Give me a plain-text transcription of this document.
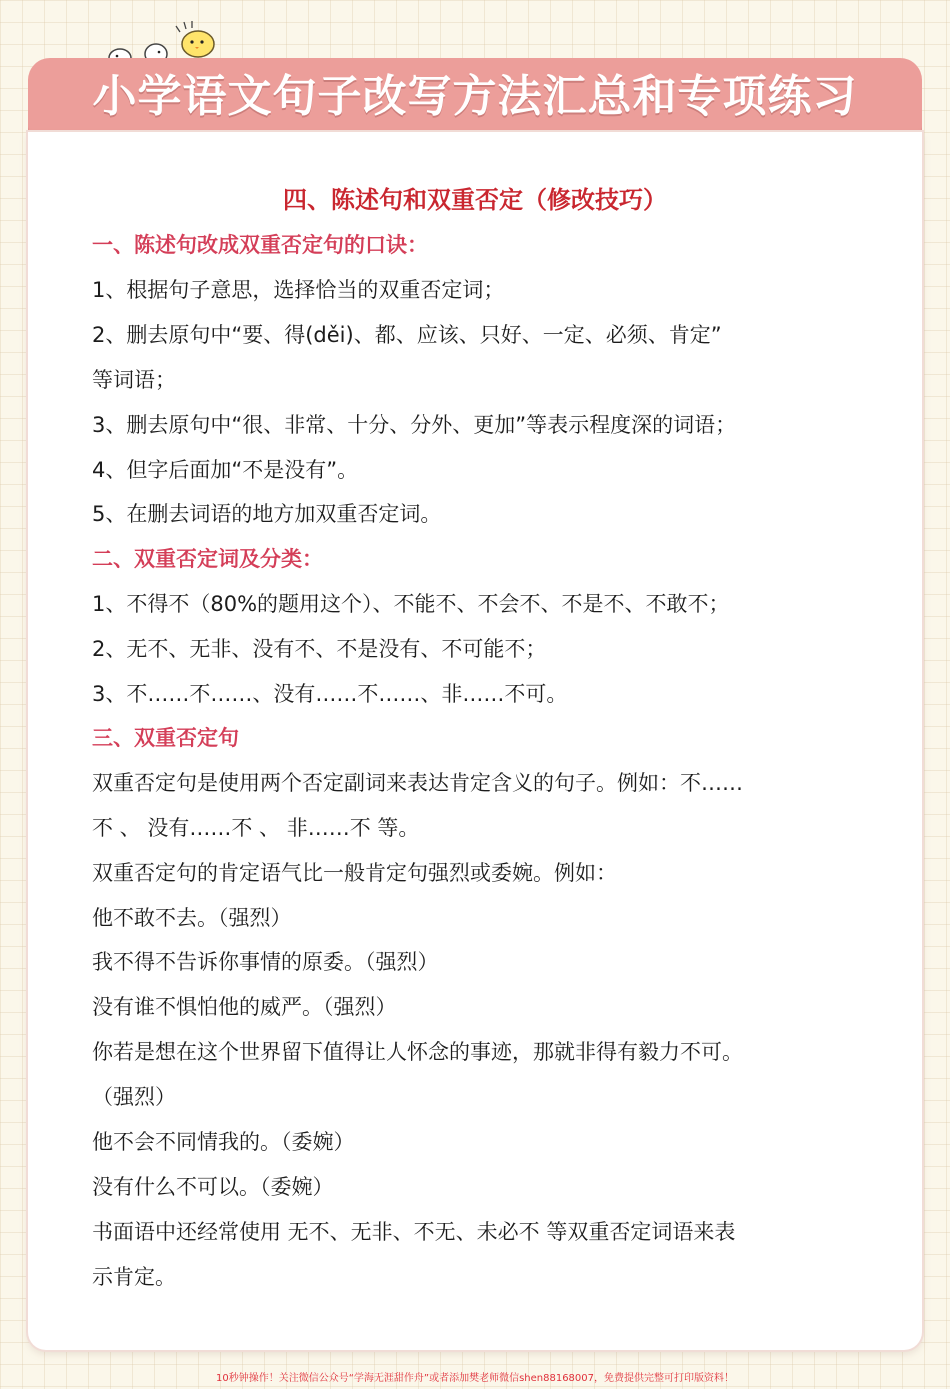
小学语文句子改写方法汇总和专项练习
四、陈述句和双重否定（修改技巧）
一、陈述句改成双重否定句的口诀：
1、根据句子意思，选择恰当的双重否定词；
2、删去原句中“要、得(děi)、都、应该、只好、一定、必须、肯定”
等词语；
3、删去原句中“很、非常、十分、分外、更加”等表示程度深的词语；
4、但字后面加“不是没有”。
5、在删去词语的地方加双重否定词。
二、双重否定词及分类：
1、不得不（80%的题用这个）、不能不、不会不、不是不、不敢不；
2、无不、无非、没有不、不是没有、不可能不；
3、不……不……、没有……不……、非……不可。
三、双重否定句
双重否定句是使用两个否定副词来表达肯定含义的句子。例如：不……
不 、 没有……不 、 非……不 等。
双重否定句的肯定语气比一般肯定句强烈或委婉。例如：
他不敢不去。（强烈）
我不得不告诉你事情的原委。（强烈）
没有谁不惧怕他的威严。（强烈）
你若是想在这个世界留下值得让人怀念的事迹，那就非得有毅力不可。
（强烈）
他不会不同情我的。（委婉）
没有什么不可以。（委婉）
书面语中还经常使用 无不、无非、不无、未必不 等双重否定词语来表
示肯定。
10秒钟操作！关注微信公众号“学海无涯甜作舟”或者添加樊老师微信shen88168007，免费提供完整可打印版资料！
